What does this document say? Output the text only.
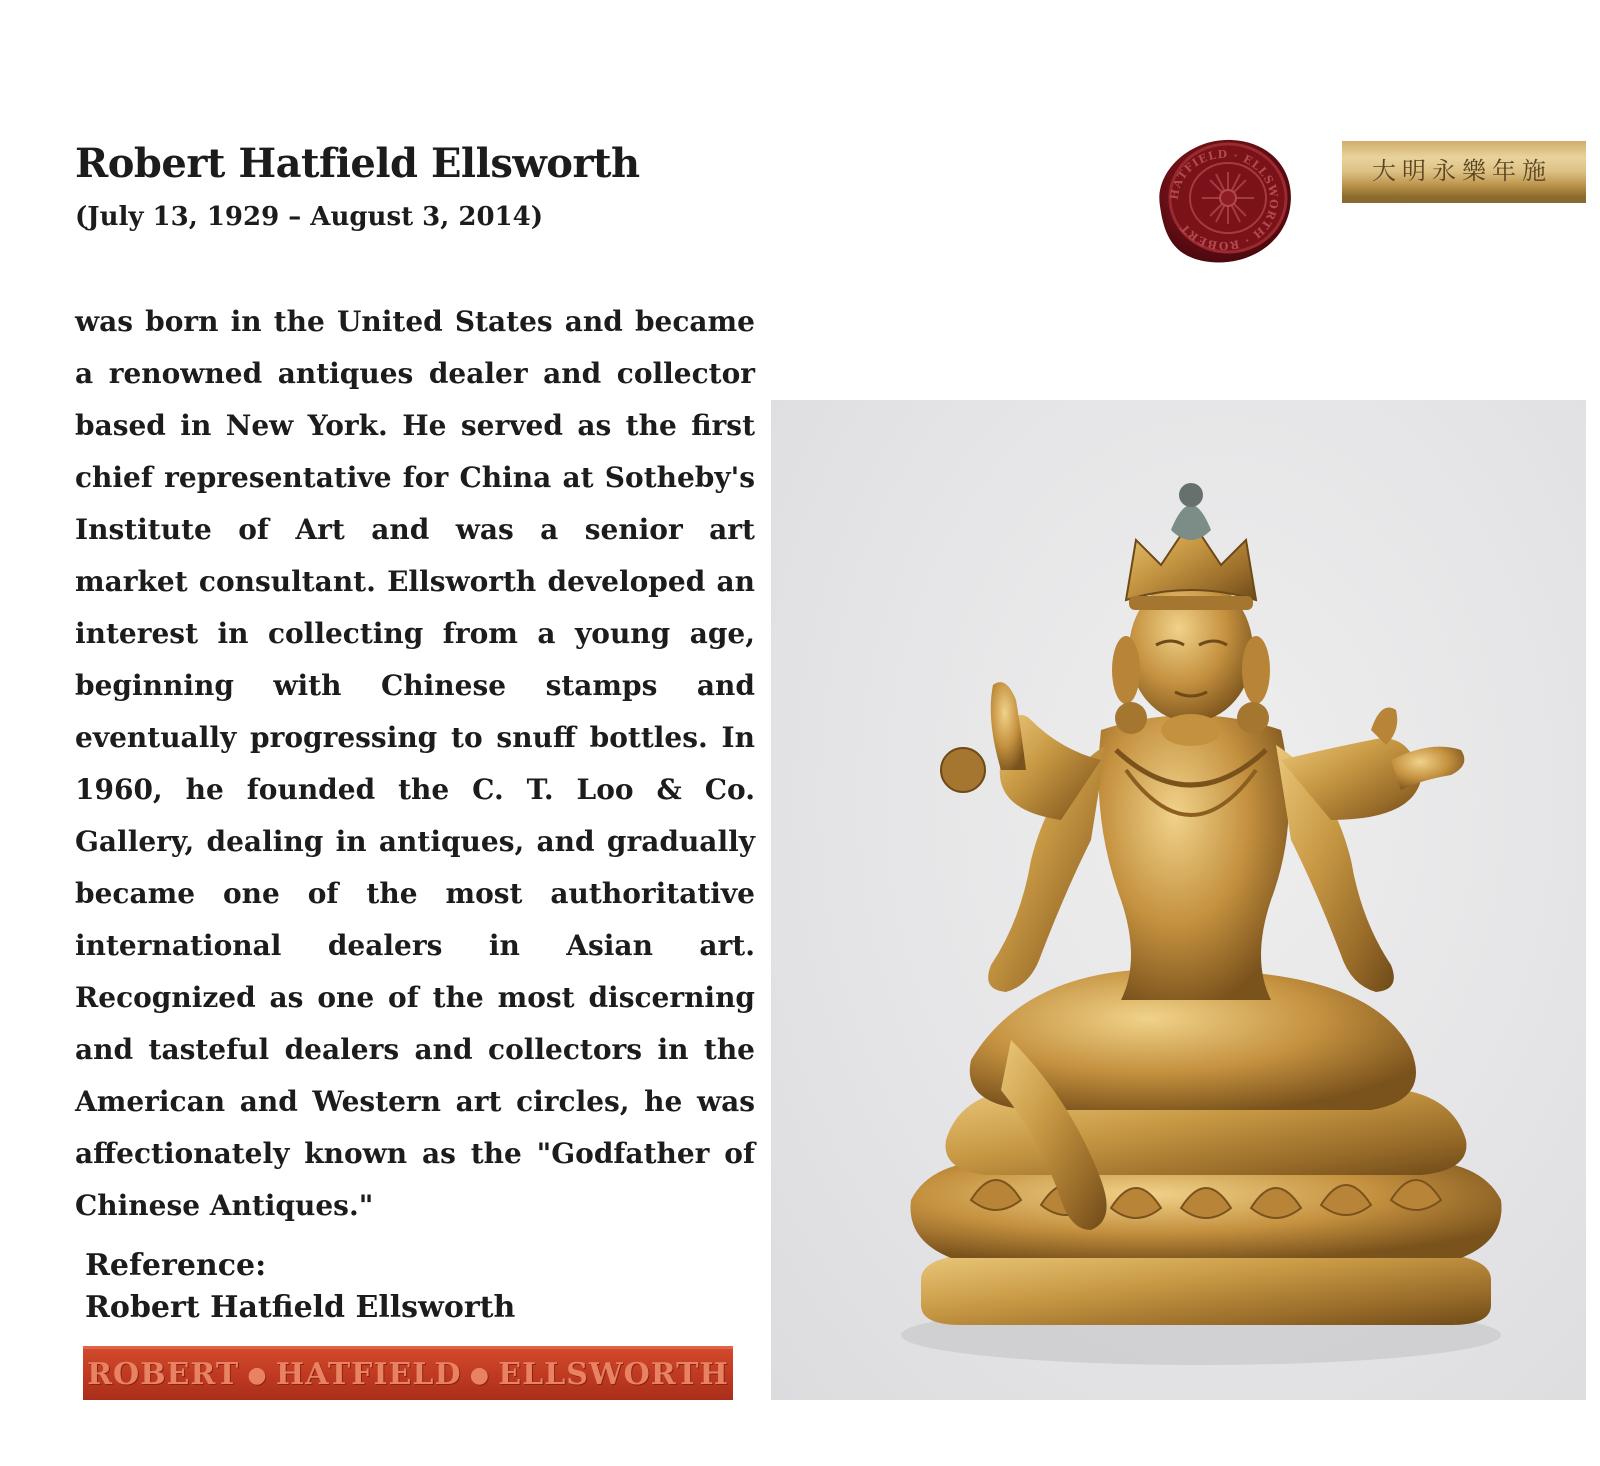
Robert Hatfield Ellsworth
(July 13, 1929 – August 3, 2014)

was born in the United States and became a renowned antiques dealer and collector based in New York. He served as the first chief representative for China at Sotheby's Institute of Art and was a senior art market consultant. Ellsworth developed an interest in collecting from a young age, beginning with Chinese stamps and eventually progressing to snuff bottles. In 1960, he founded the C. T. Loo & Co. Gallery, dealing in antiques, and gradually became one of the most authoritative international dealers in Asian art. Recognized as one of the most discerning and tasteful dealers and collectors in the American and Western art circles, he was affectionately known as the "Godfather of Chinese Antiques."

Reference:
Robert Hatfield Ellsworth
HATFIELD · ELLSWORTH · ROBERT
大明永樂年施
ROBERT ● HATFIELD ● ELLSWORTH
